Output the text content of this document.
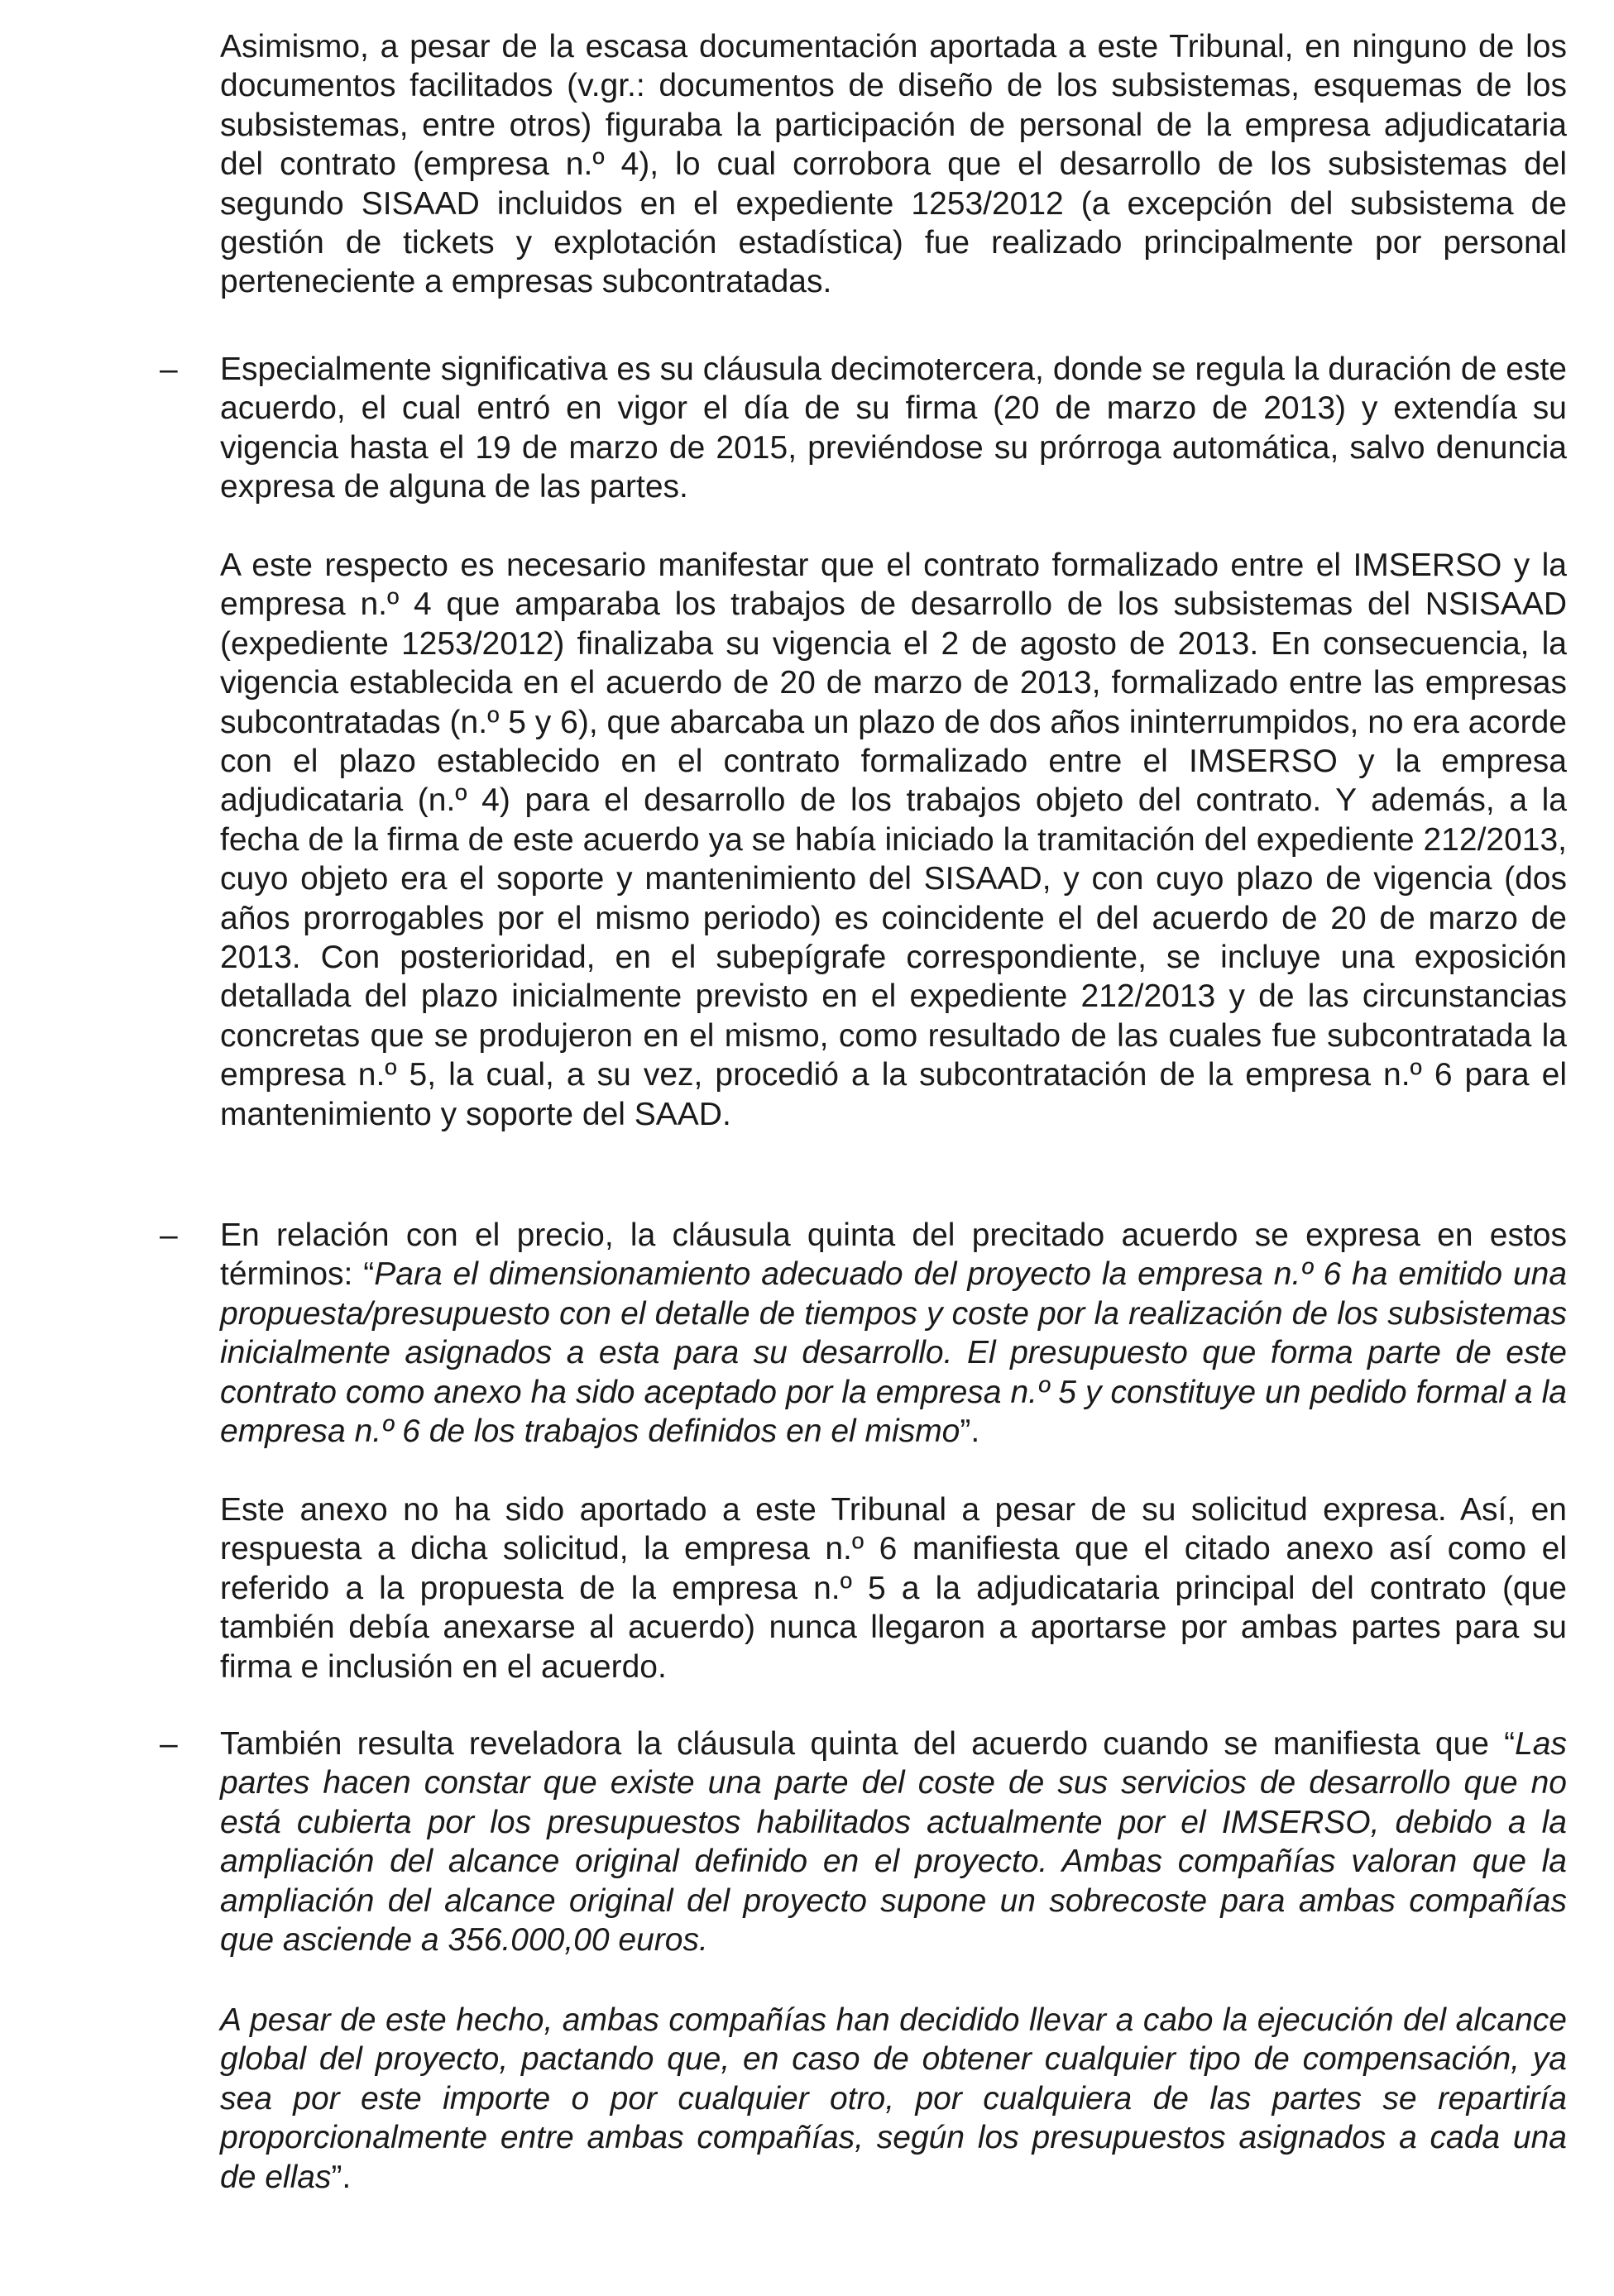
Asimismo, a pesar de la escasa documentación aportada a este Tribunal, en ninguno de los documentos facilitados (v.gr.: documentos de diseño de los subsistemas, esquemas de los subsistemas, entre otros) figuraba la participación de personal de la empresa adjudicataria del contrato (empresa n.º 4), lo cual corrobora que el desarrollo de los subsistemas del segundo SISAAD incluidos en el expediente 1253/2012 (a excepción del subsistema de gestión de tickets y explotación estadística) fue realizado principalmente por personal perteneciente a empresas subcontratadas.

– Especialmente significativa es su cláusula decimotercera, donde se regula la duración de este acuerdo, el cual entró en vigor el día de su firma (20 de marzo de 2013) y extendía su vigencia hasta el 19 de marzo de 2015, previéndose su prórroga automática, salvo denuncia expresa de alguna de las partes.

A este respecto es necesario manifestar que el contrato formalizado entre el IMSERSO y la empresa n.º 4 que amparaba los trabajos de desarrollo de los subsistemas del NSISAAD (expediente 1253/2012) finalizaba su vigencia el 2 de agosto de 2013. En consecuencia, la vigencia establecida en el acuerdo de 20 de marzo de 2013, formalizado entre las empresas subcontratadas (n.º 5 y 6), que abarcaba un plazo de dos años ininterrumpidos, no era acorde con el plazo establecido en el contrato formalizado entre el IMSERSO y la empresa adjudicataria (n.º 4) para el desarrollo de los trabajos objeto del contrato. Y además, a la fecha de la firma de este acuerdo ya se había iniciado la tramitación del expediente 212/2013, cuyo objeto era el soporte y mantenimiento del SISAAD, y con cuyo plazo de vigencia (dos años prorrogables por el mismo periodo) es coincidente el del acuerdo de 20 de marzo de 2013. Con posterioridad, en el subepígrafe correspondiente, se incluye una exposición detallada del plazo inicialmente previsto en el expediente 212/2013 y de las circunstancias concretas que se produjeron en el mismo, como resultado de las cuales fue subcontratada la empresa n.º 5, la cual, a su vez, procedió a la subcontratación de la empresa n.º 6 para el mantenimiento y soporte del SAAD.

– En relación con el precio, la cláusula quinta del precitado acuerdo se expresa en estos términos: “Para el dimensionamiento adecuado del proyecto la empresa n.º 6 ha emitido una propuesta/presupuesto con el detalle de tiempos y coste por la realización de los subsistemas inicialmente asignados a esta para su desarrollo. El presupuesto que forma parte de este contrato como anexo ha sido aceptado por la empresa n.º 5 y constituye un pedido formal a la empresa n.º 6 de los trabajos definidos en el mismo”.

Este anexo no ha sido aportado a este Tribunal a pesar de su solicitud expresa. Así, en respuesta a dicha solicitud, la empresa n.º 6 manifiesta que el citado anexo así como el referido a la propuesta de la empresa n.º 5 a la adjudicataria principal del contrato (que también debía anexarse al acuerdo) nunca llegaron a aportarse por ambas partes para su firma e inclusión en el acuerdo.

– También resulta reveladora la cláusula quinta del acuerdo cuando se manifiesta que “Las partes hacen constar que existe una parte del coste de sus servicios de desarrollo que no está cubierta por los presupuestos habilitados actualmente por el IMSERSO, debido a la ampliación del alcance original definido en el proyecto. Ambas compañías valoran que la ampliación del alcance original del proyecto supone un sobrecoste para ambas compañías que asciende a 356.000,00 euros.

A pesar de este hecho, ambas compañías han decidido llevar a cabo la ejecución del alcance global del proyecto, pactando que, en caso de obtener cualquier tipo de compensación, ya sea por este importe o por cualquier otro, por cualquiera de las partes se repartiría proporcionalmente entre ambas compañías, según los presupuestos asignados a cada una de ellas”.
